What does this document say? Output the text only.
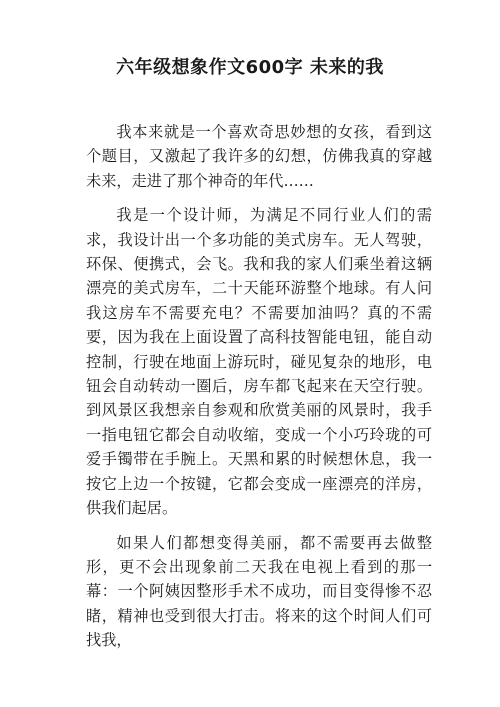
六年级想象作文600字 未来的我

我本来就是一个喜欢奇思妙想的女孩，看到这个题目，又激起了我许多的幻想，仿佛我真的穿越未来，走进了那个神奇的年代……

我是一个设计师，为满足不同行业人们的需求，我设计出一个多功能的美式房车。无人驾驶，环保、便携式，会飞。我和我的家人们乘坐着这辆漂亮的美式房车，二十天能环游整个地球。有人问我这房车不需要充电？不需要加油吗？真的不需要，因为我在上面设置了高科技智能电钮，能自动控制，行驶在地面上游玩时，碰见复杂的地形，电钮会自动转动一圈后，房车都飞起来在天空行驶。到风景区我想亲自参观和欣赏美丽的风景时，我手一指电钮它都会自动收缩，变成一个小巧玲珑的可爱手镯带在手腕上。天黑和累的时候想休息，我一按它上边一个按键，它都会变成一座漂亮的洋房，供我们起居。

如果人们都想变得美丽，都不需要再去做整形，更不会出现象前二天我在电视上看到的那一幕：一个阿姨因整形手术不成功，而目变得惨不忍睹，精神也受到很大打击。将来的这个时间人们可找我，
